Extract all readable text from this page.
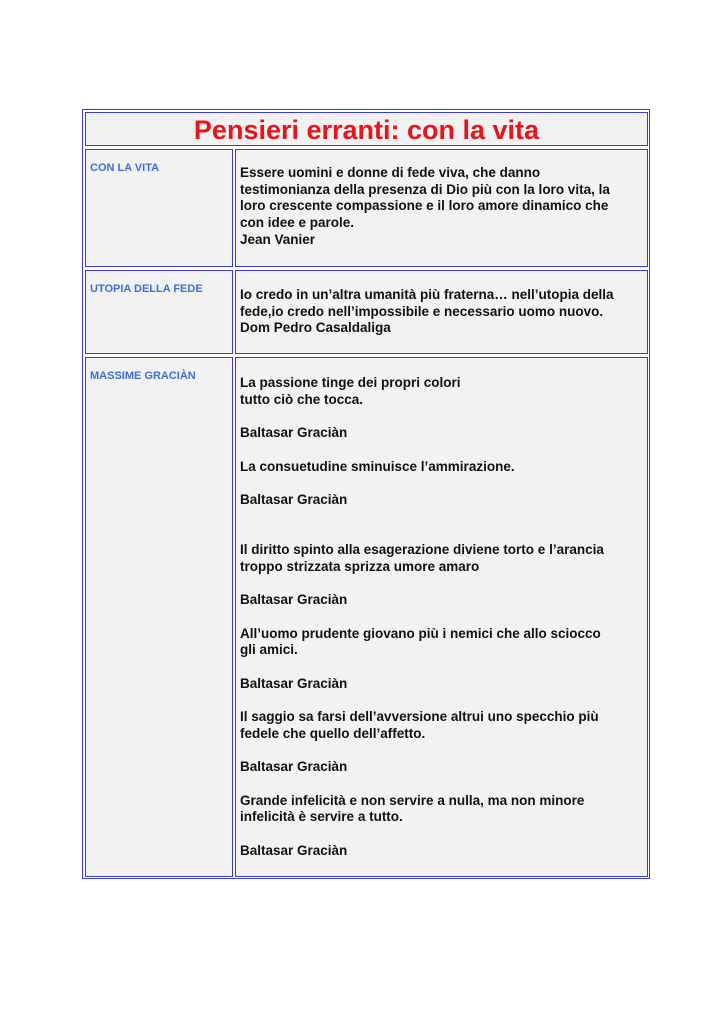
Pensieri erranti: con la vita
CON LA VITA	Essere uomini e donne di fede viva, che danno
testimonianza della presenza di Dio più con la loro vita, la
loro crescente compassione e il loro amore dinamico che
con idee e parole.
Jean Vanier
UTOPIA DELLA FEDE	Io credo in un’altra umanità più fraterna… nell’utopia della
fede,io credo nell’impossibile e necessario uomo nuovo.
Dom Pedro Casaldaliga
MASSIME GRACIÀN	La passione tinge dei propri colori
tutto ciò che tocca.

Baltasar Graciàn

La consuetudine sminuisce l’ammirazione.

Baltasar Graciàn

Il diritto spinto alla esagerazione diviene torto e l’arancia
troppo strizzata sprizza umore amaro

Baltasar Graciàn

All’uomo prudente giovano più i nemici che allo sciocco
gli amici.

Baltasar Graciàn

Il saggio sa farsi dell’avversione altrui uno specchio più
fedele che quello dell’affetto.

Baltasar Graciàn

Grande infelicità e non servire a nulla, ma non minore
infelicità è servire a tutto.

Baltasar Graciàn
